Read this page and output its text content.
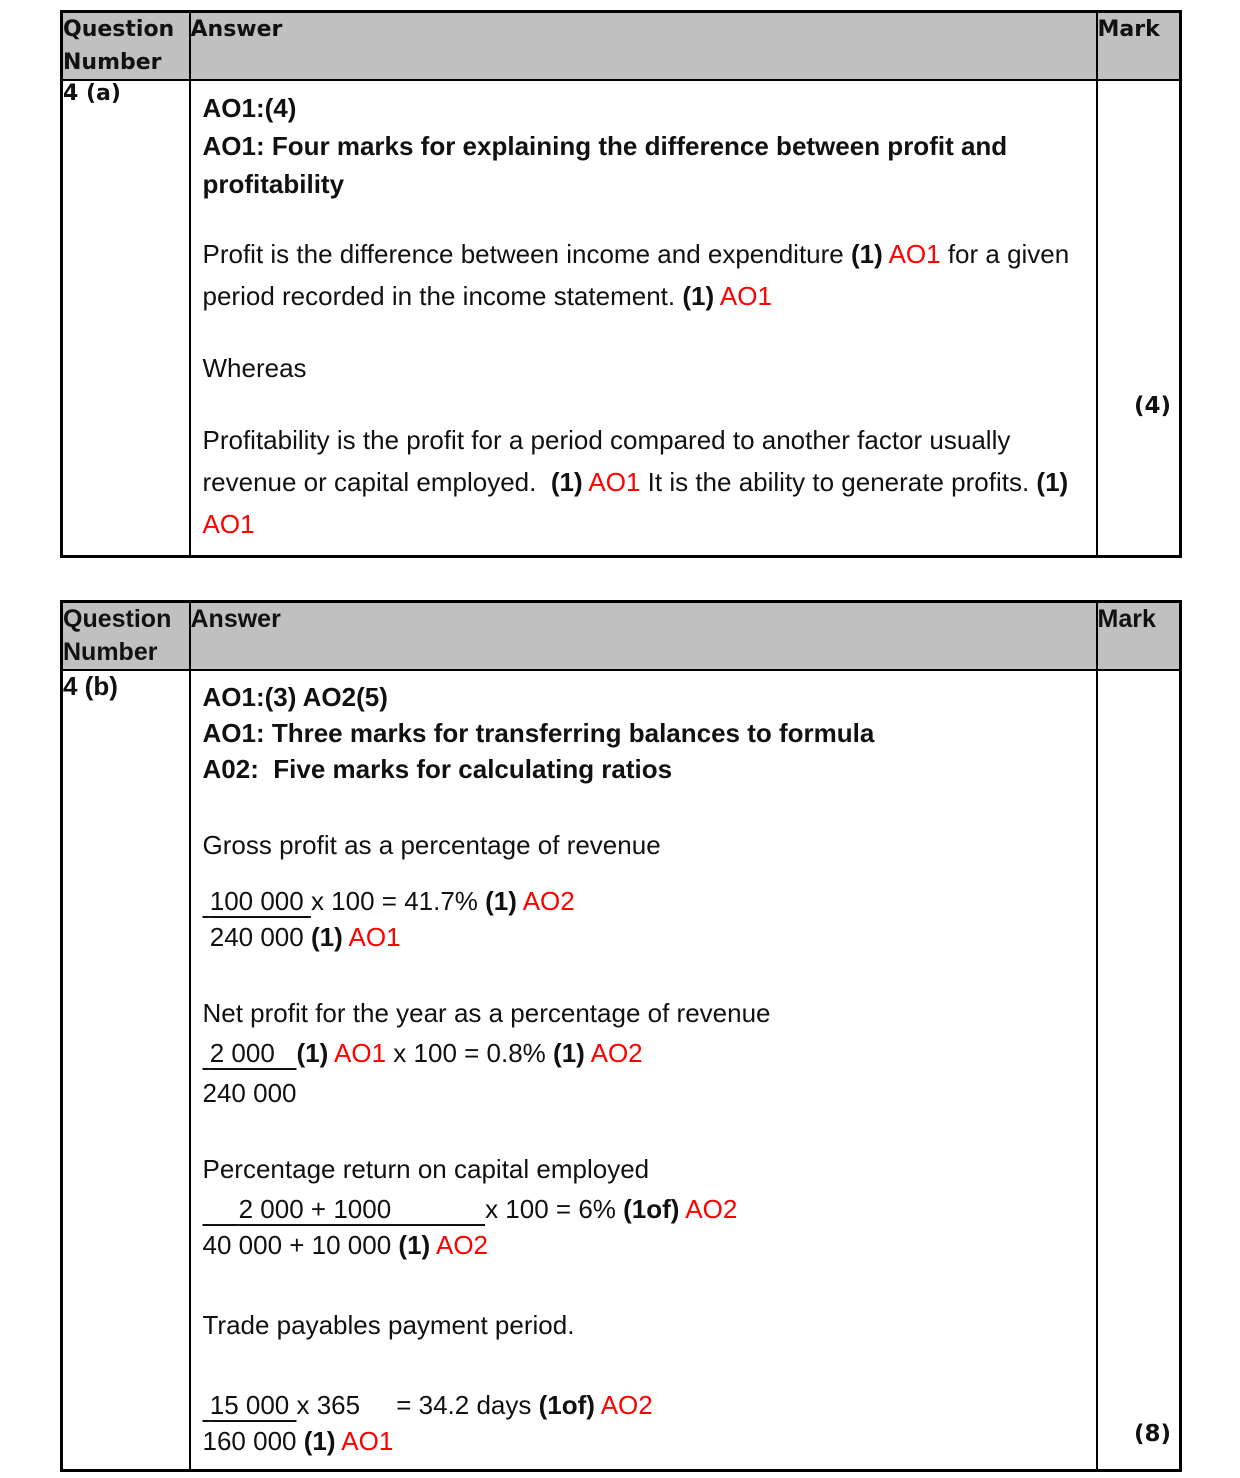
Question Number	Answer	Mark
4 (a)	AO1:(4)
AO1: Four marks for explaining the difference between profit and profitability
Profit is the difference between income and expenditure (1) AO1 for a given period recorded in the income statement. (1) AO1
Whereas
Profitability is the profit for a period compared to another factor usually revenue or capital employed. (1) AO1 It is the ability to generate profits. (1) AO1	(4)
Question Number	Answer	Mark
4 (b)	AO1:(3) AO2(5)
AO1: Three marks for transferring balances to formula
A02:  Five marks for calculating ratios
Gross profit as a percentage of revenue
100 000 x 100 = 41.7% (1) AO2
240 000 (1) AO1
Net profit for the year as a percentage of revenue
2 000   (1) AO1 x 100 = 0.8% (1) AO2
240 000
Percentage return on capital employed
2 000 + 1000             x 100 = 6% (1of) AO2
40 000 + 10 000 (1) AO2
Trade payables payment period.
15 000 x 365     = 34.2 days (1of) AO2
160 000 (1) AO1	(8)
